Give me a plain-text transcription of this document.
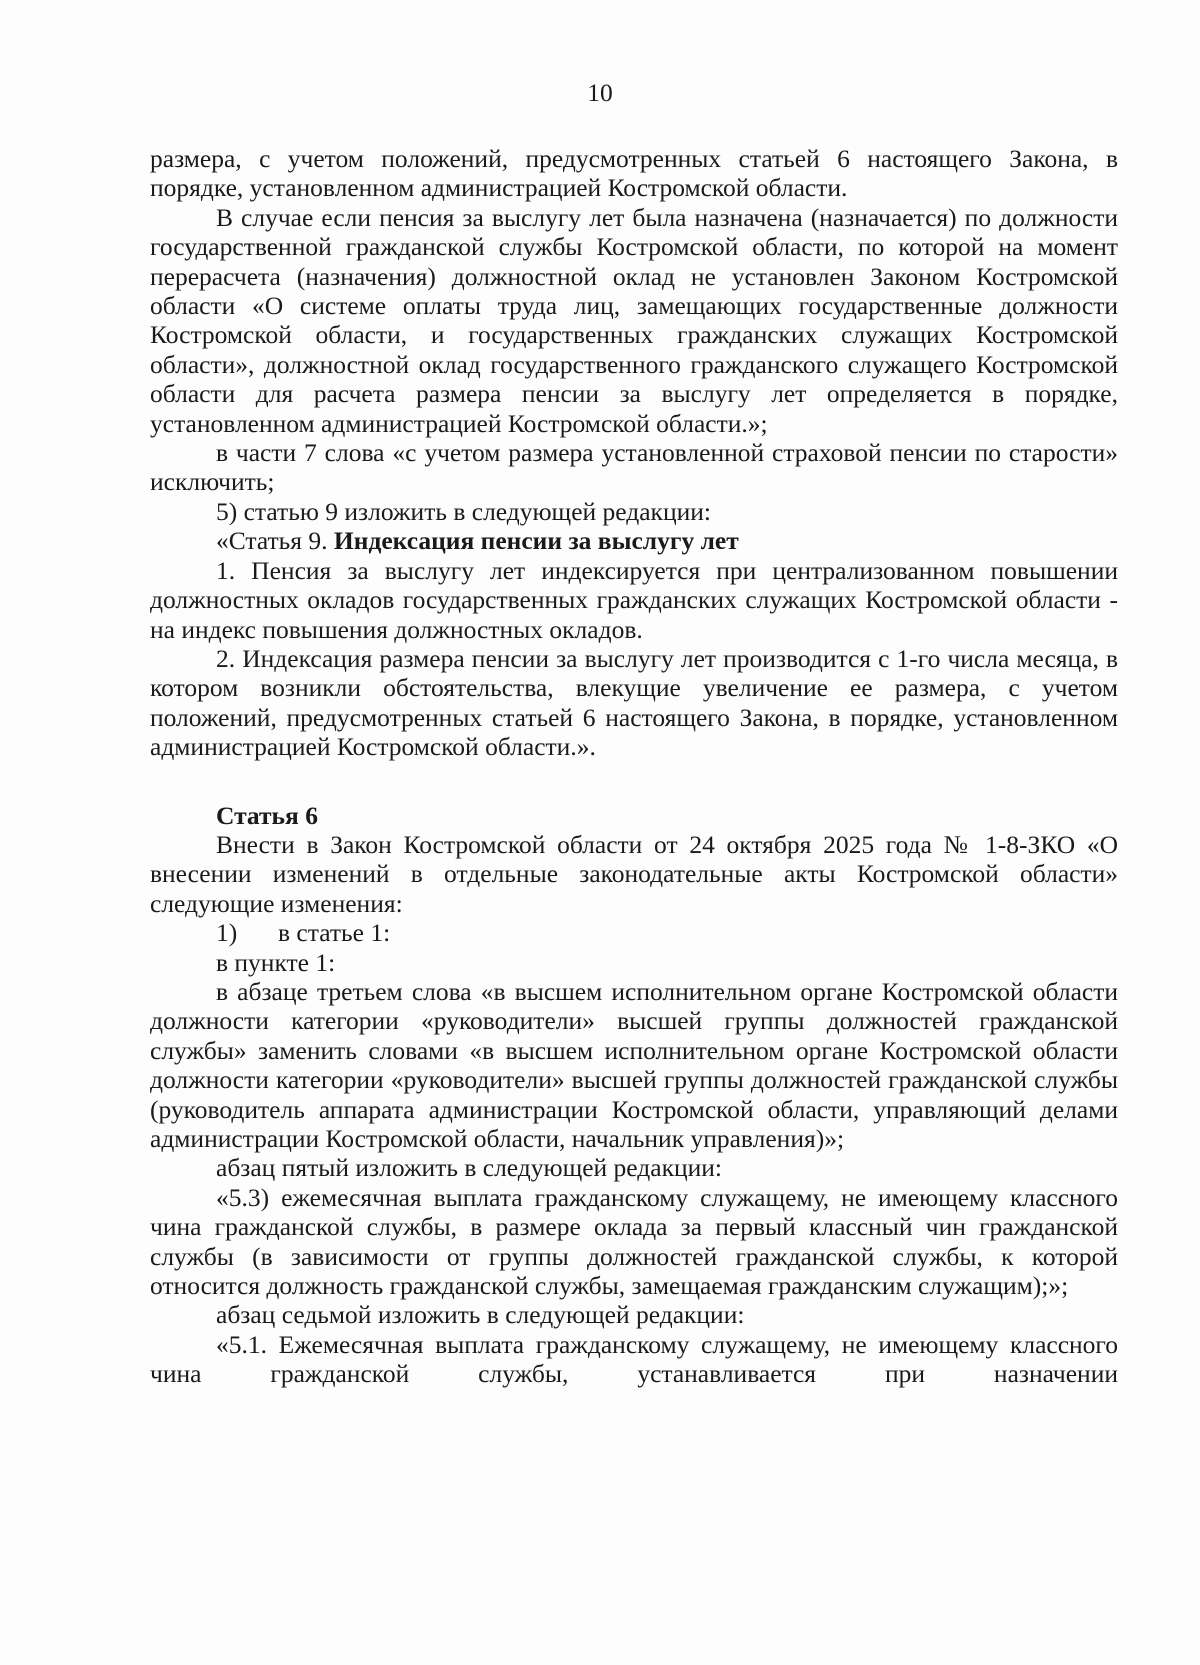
10

размера, с учетом положений, предусмотренных статьей 6 настоящего Закона, в порядке, установленном администрацией Костромской области.

В случае если пенсия за выслугу лет была назначена (назначается) по должности государственной гражданской службы Костромской области, по которой на момент перерасчета (назначения) должностной оклад не установлен Законом Костромской области «О системе оплаты труда лиц, замещающих государственные должности Костромской области, и государственных гражданских служащих Костромской области», должностной оклад государственного гражданского служащего Костромской области для расчета размера пенсии за выслугу лет определяется в порядке, установленном администрацией Костромской области.»;

в части 7 слова «с учетом размера установленной страховой пенсии по старости» исключить;

5) статью 9 изложить в следующей редакции:

«Статья 9. Индексация пенсии за выслугу лет

1. Пенсия за выслугу лет индексируется при централизованном повышении должностных окладов государственных гражданских служащих Костромской области - на индекс повышения должностных окладов.

2. Индексация размера пенсии за выслугу лет производится с 1-го числа месяца, в котором возникли обстоятельства, влекущие увеличение ее размера, с учетом положений, предусмотренных статьей 6 настоящего Закона, в порядке, установленном администрацией Костромской области.».

Статья 6

Внести в Закон Костромской области от 24 октября 2025 года № 1-8-ЗКО «О внесении изменений в отдельные законодательные акты Костромской области» следующие изменения:

1) в статье 1:

в пункте 1:

в абзаце третьем слова «в высшем исполнительном органе Костромской области должности категории «руководители» высшей группы должностей гражданской службы» заменить словами «в высшем исполнительном органе Костромской области должности категории «руководители» высшей группы должностей гражданской службы (руководитель аппарата администрации Костромской области, управляющий делами администрации Костромской области, начальник управления)»;

абзац пятый изложить в следующей редакции:

«5.3) ежемесячная выплата гражданскому служащему, не имеющему классного чина гражданской службы, в размере оклада за первый классный чин гражданской службы (в зависимости от группы должностей гражданской службы, к которой относится должность гражданской службы, замещаемая гражданским служащим);»;

абзац седьмой изложить в следующей редакции:

«5.1. Ежемесячная выплата гражданскому служащему, не имеющему классного чина гражданской службы, устанавливается при назначении
